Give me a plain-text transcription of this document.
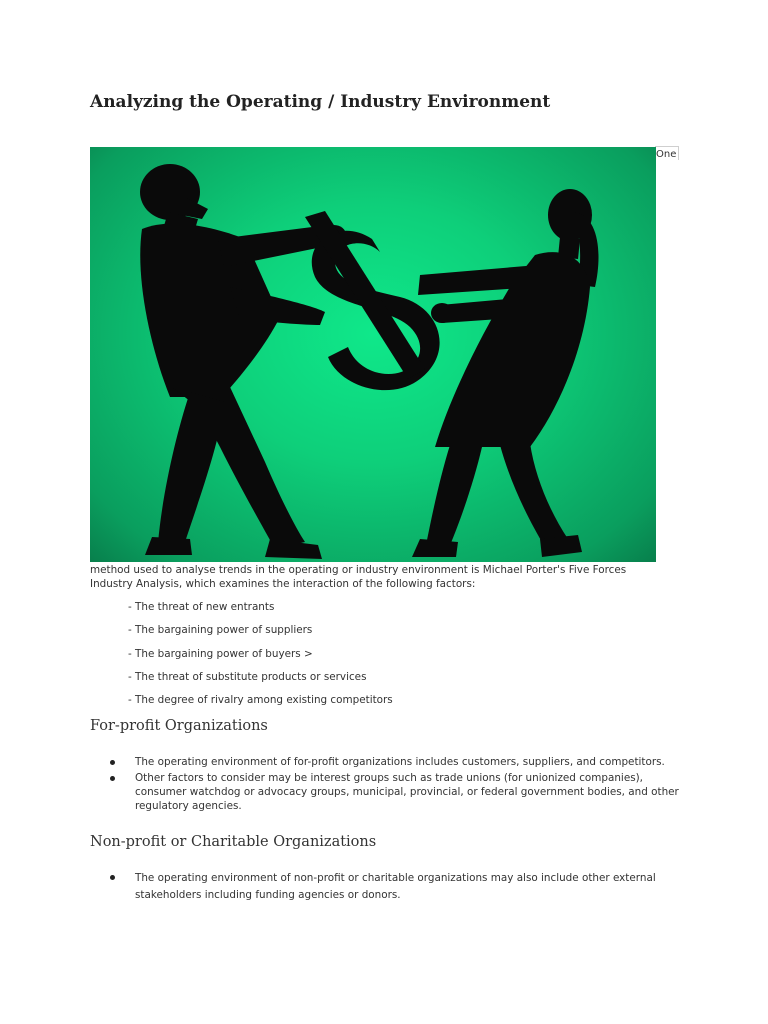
Analyzing the Operating / Industry Environment
One

method used to analyse trends in the operating or industry environment is Michael Porter's Five Forces Industry Analysis, which examines the interaction of the following factors:

- The threat of new entrants
- The bargaining power of suppliers
- The bargaining power of buyers >
- The threat of substitute products or services
- The degree of rivalry among existing competitors
For-profit Organizations
The operating environment of for-profit organizations includes customers, suppliers, and competitors.
Other factors to consider may be interest groups such as trade unions (for unionized companies), consumer watchdog or advocacy groups, municipal, provincial, or federal government bodies, and other regulatory agencies.
Non-profit or Charitable Organizations
The operating environment of non-profit or charitable organizations may also include other external stakeholders including funding agencies or donors.
